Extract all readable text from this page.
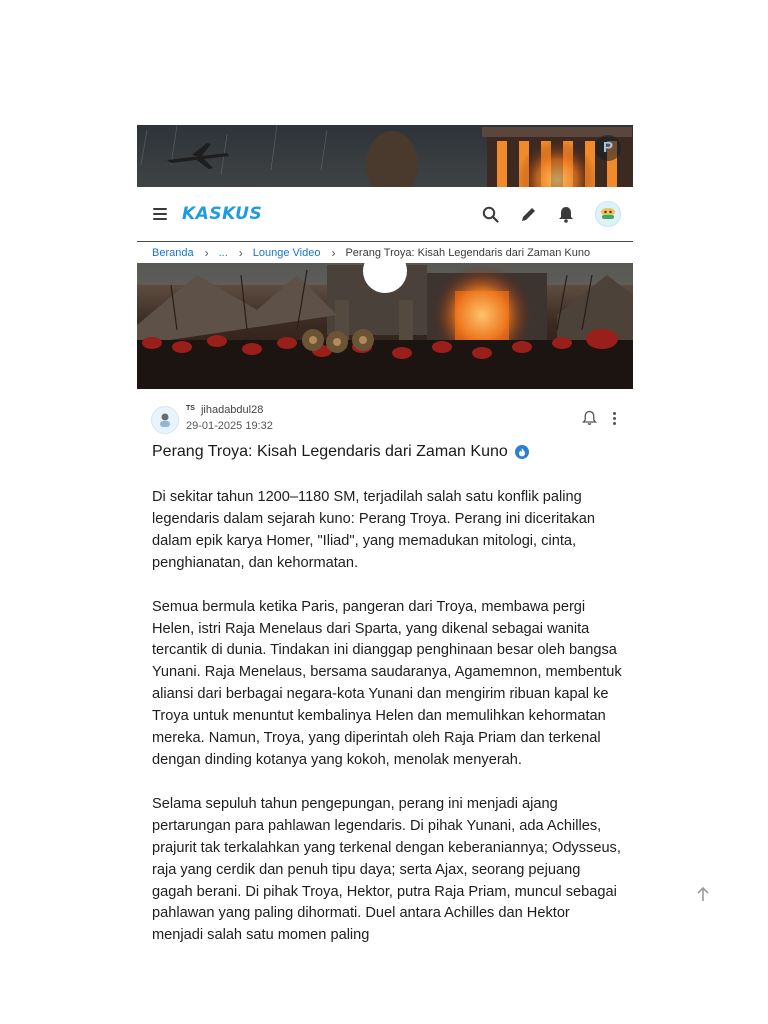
P
KASKUS
Beranda › ... › Lounge Video › Perang Troya: Kisah Legendaris dari Zaman Kuno
TS jihadabdul28
29-01-2025 19:32
Perang Troya: Kisah Legendaris dari Zaman Kuno

Di sekitar tahun 1200–1180 SM, terjadilah salah satu konflik paling legendaris dalam sejarah kuno: Perang Troya. Perang ini diceritakan dalam epik karya Homer, "Iliad", yang memadukan mitologi, cinta, penghianatan, dan kehormatan.

Semua bermula ketika Paris, pangeran dari Troya, membawa pergi Helen, istri Raja Menelaus dari Sparta, yang dikenal sebagai wanita tercantik di dunia. Tindakan ini dianggap penghinaan besar oleh bangsa Yunani. Raja Menelaus, bersama saudaranya, Agamemnon, membentuk aliansi dari berbagai negara-kota Yunani dan mengirim ribuan kapal ke Troya untuk menuntut kembalinya Helen dan memulihkan kehormatan mereka. Namun, Troya, yang diperintah oleh Raja Priam dan terkenal dengan dinding kotanya yang kokoh, menolak menyerah.

Selama sepuluh tahun pengepungan, perang ini menjadi ajang pertarungan para pahlawan legendaris. Di pihak Yunani, ada Achilles, prajurit tak terkalahkan yang terkenal dengan keberaniannya; Odysseus, raja yang cerdik dan penuh tipu daya; serta Ajax, seorang pejuang gagah berani. Di pihak Troya, Hektor, putra Raja Priam, muncul sebagai pahlawan yang paling dihormati. Duel antara Achilles dan Hektor menjadi salah satu momen paling
